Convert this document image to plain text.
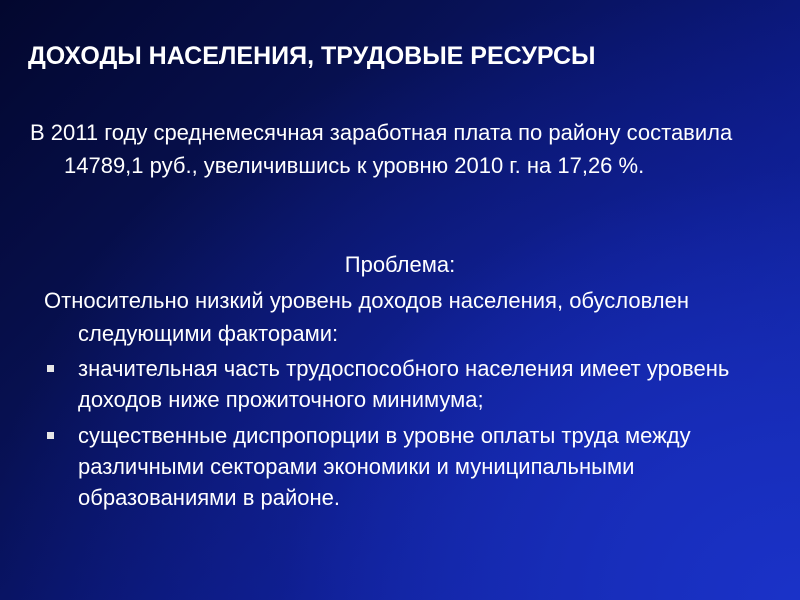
ДОХОДЫ НАСЕЛЕНИЯ, ТРУДОВЫЕ РЕСУРСЫ

В 2011 году среднемесячная заработная плата по району составила 14789,1 руб., увеличившись к уровню 2010 г. на 17,26 %.

Проблема:

Относительно низкий уровень доходов населения, обусловлен следующими факторами:

значительная часть трудоспособного населения имеет уровень доходов ниже прожиточного минимума;
существенные диспропорции в уровне оплаты труда между различными секторами экономики и муниципальными образованиями в районе.
